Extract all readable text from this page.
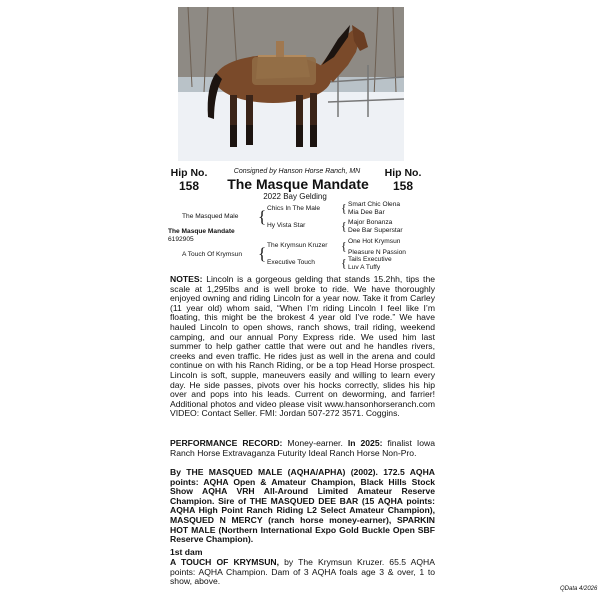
Hip No.
158
Hip No.
158
Consigned by Hanson Horse Ranch, MN
The Masque Mandate
2022 Bay Gelding
The Masqued Male
The Masque Mandate
6192905
A Touch Of Krymsun
{
{
Chics In The Male
Hy Vista Star
The Krymsun Kruzer
Executive Touch
{
{
{
{
Smart Chic Olena
Mia Dee Bar
Major Bonanza
Dee Bar Superstar
One Hot Krymsun
Pleasure N Passion
Tails Executive
Luv A Tuffy
NOTES: Lincoln is a gorgeous gelding that stands 15.2hh, tips the scale at 1,295lbs and is well broke to ride. We have thoroughly enjoyed owning and riding Lincoln for a year now. Take it from Carley (11 year old) whom said, “When I’m riding Lincoln I feel like I’m floating, this might be the brokest 4 year old I’ve rode.” We have hauled Lincoln to open shows, ranch shows, trail riding, weekend camping, and our annual Pony Express ride. We used him last summer to help gather cattle that were out and he handles rivers, creeks and even traffic. He rides just as well in the arena and could continue on with his Ranch Riding, or be a top Head Horse prospect. Lincoln is soft, supple, maneuvers easily and willing to learn every day. He side passes, pivots over his hocks correctly, slides his hip over and pops into his leads. Current on deworming, and farrier! Additional photos and video please visit www.hansonhorseranch.com VIDEO: Contact Seller. FMI: Jordan 507-272 3571. Coggins.
PERFORMANCE RECORD: Money-earner. In 2025: finalist Iowa Ranch Horse Extravaganza Futurity Ideal Ranch Horse Non-Pro.
By THE MASQUED MALE (AQHA/APHA) (2002). 172.5 AQHA points: AQHA Open & Amateur Champion, Black Hills Stock Show AQHA VRH All-Around Limited Amateur Reserve Champion. Sire of THE MASQUED DEE BAR (15 AQHA points: AQHA High Point Ranch Riding L2 Select Amateur Champion), MASQUED N MERCY (ranch horse money-earner), SPARKIN HOT MALE (Northern International Expo Gold Buckle Open SBF Reserve Champion).
1st dam
A TOUCH OF KRYMSUN, by The Krymsun Kruzer. 65.5 AQHA points: AQHA Champion. Dam of 3 AQHA foals age 3 & over, 1 to show, above.
QData 4/2026
